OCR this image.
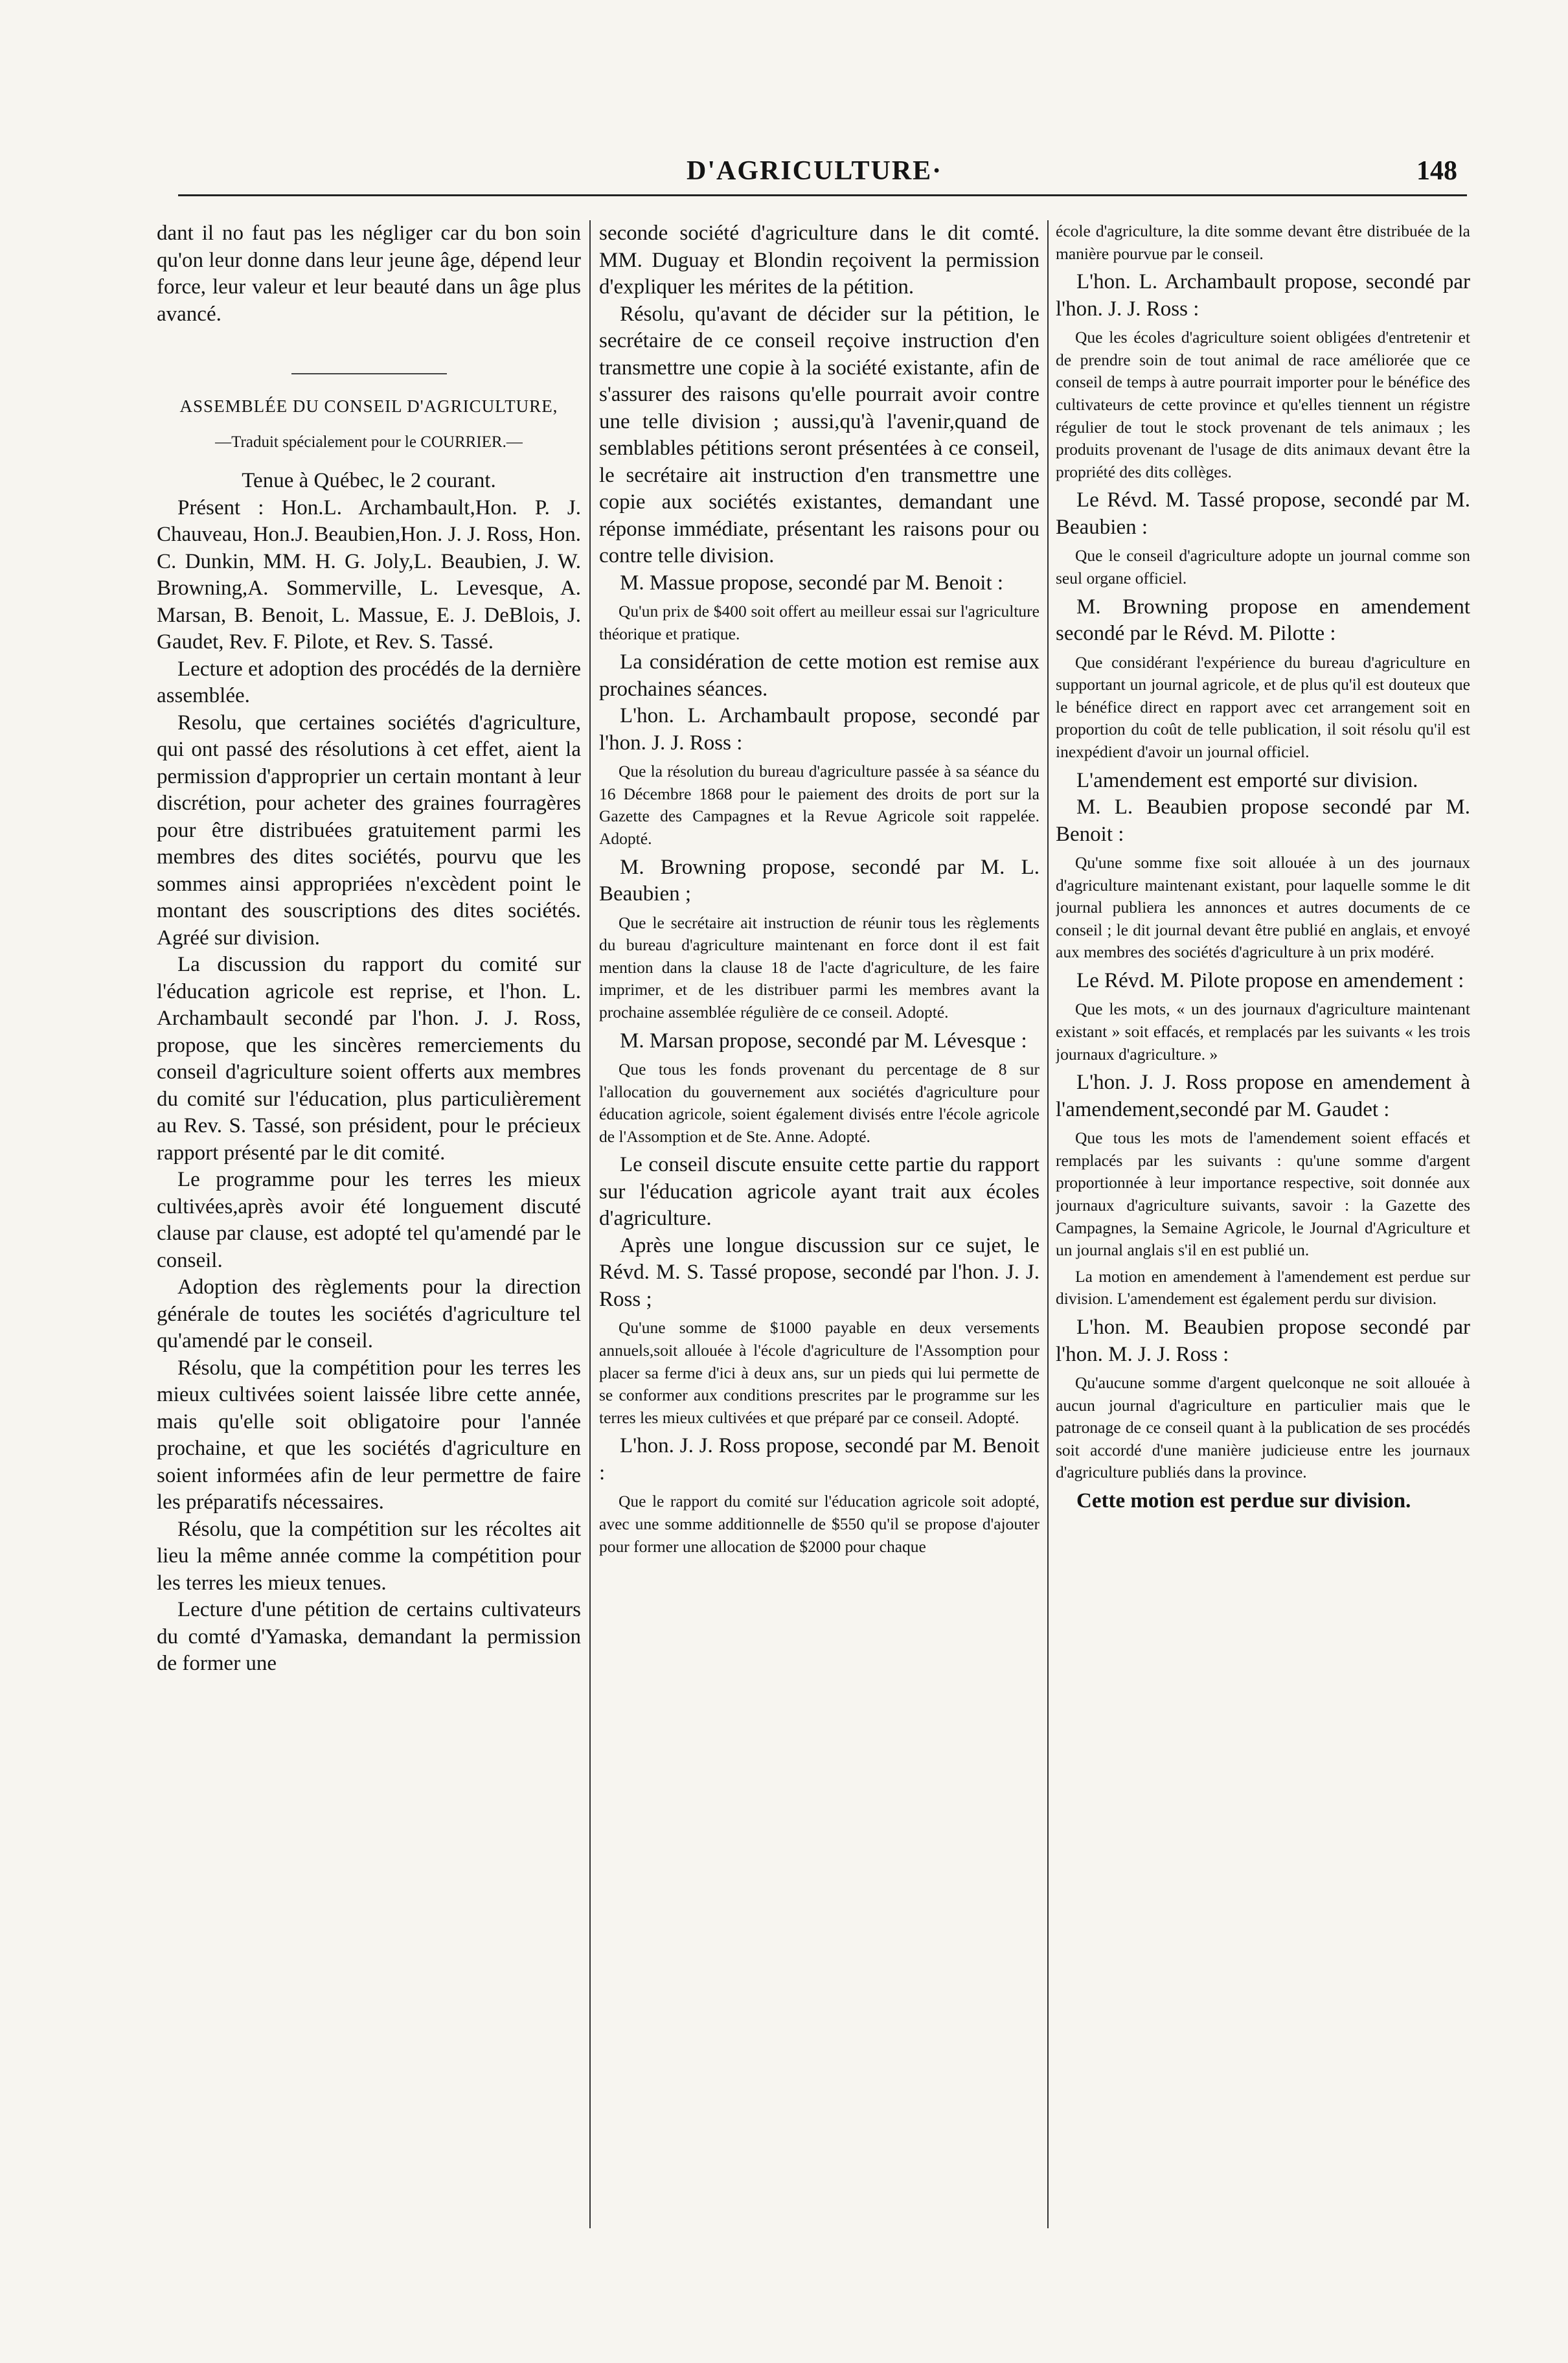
D'AGRICULTURE·	148

dant il no faut pas les négliger car du bon soin qu'on leur donne dans leur jeune âge, dépend leur force, leur valeur et leur beauté dans un âge plus avancé.

ASSEMBLÉE DU CONSEIL D'AGRICULTURE,

—Traduit spécialement pour le COURRIER.—

Tenue à Québec, le 2 courant.

Présent : Hon.L. Archambault,Hon. P. J. Chauveau, Hon.J. Beaubien,Hon. J. J. Ross, Hon. C. Dunkin, MM. H. G. Joly,L. Beaubien, J. W. Browning,A. Sommerville, L. Levesque, A. Marsan, B. Benoit, L. Massue, E. J. DeBlois, J. Gaudet, Rev. F. Pilote, et Rev. S. Tassé.

Lecture et adoption des procédés de la dernière assemblée.

Resolu, que certaines sociétés d'agriculture, qui ont passé des résolutions à cet effet, aient la permission d'approprier un certain montant à leur discrétion, pour acheter des graines fourragères pour être distribuées gratuitement parmi les membres des dites sociétés, pourvu que les sommes ainsi appropriées n'excèdent point le montant des souscriptions des dites sociétés. Agréé sur division.

La discussion du rapport du comité sur l'éducation agricole est reprise, et l'hon. L. Archambault secondé par l'hon. J. J. Ross, propose, que les sincères remerciements du conseil d'agriculture soient offerts aux membres du comité sur l'éducation, plus particulièrement au Rev. S. Tassé, son président, pour le précieux rapport présenté par le dit comité.

Le programme pour les terres les mieux cultivées,après avoir été longuement discuté clause par clause, est adopté tel qu'amendé par le conseil.

Adoption des règlements pour la direction générale de toutes les sociétés d'agriculture tel qu'amendé par le conseil.

Résolu, que la compétition pour les terres les mieux cultivées soient laissée libre cette année, mais qu'elle soit obligatoire pour l'année prochaine, et que les sociétés d'agriculture en soient informées afin de leur permettre de faire les préparatifs nécessaires.

Résolu, que la compétition sur les récoltes ait lieu la même année comme la compétition pour les terres les mieux tenues.

Lecture d'une pétition de certains cultivateurs du comté d'Yamaska, demandant la permission de former une

seconde société d'agriculture dans le dit comté. MM. Duguay et Blondin reçoivent la permission d'expliquer les mérites de la pétition.

Résolu, qu'avant de décider sur la pétition, le secrétaire de ce conseil reçoive instruction d'en transmettre une copie à la société existante, afin de s'assurer des raisons qu'elle pourrait avoir contre une telle division ; aussi,qu'à l'avenir,quand de semblables pétitions seront présentées à ce conseil, le secrétaire ait instruction d'en transmettre une copie aux sociétés existantes, demandant une réponse immédiate, présentant les raisons pour ou contre telle division.

M. Massue propose, secondé par M. Benoit :

Qu'un prix de $400 soit offert au meilleur essai sur l'agriculture théorique et pratique.

La considération de cette motion est remise aux prochaines séances.

L'hon. L. Archambault propose, secondé par l'hon. J. J. Ross :

Que la résolution du bureau d'agriculture passée à sa séance du 16 Décembre 1868 pour le paiement des droits de port sur la Gazette des Campagnes et la Revue Agricole soit rappelée. Adopté.

M. Browning propose, secondé par M. L. Beaubien ;

Que le secrétaire ait instruction de réunir tous les règlements du bureau d'agriculture maintenant en force dont il est fait mention dans la clause 18 de l'acte d'agriculture, de les faire imprimer, et de les distribuer parmi les membres avant la prochaine assemblée régulière de ce conseil. Adopté.

M. Marsan propose, secondé par M. Lévesque :

Que tous les fonds provenant du percentage de 8 sur l'allocation du gouvernement aux sociétés d'agriculture pour éducation agricole, soient également divisés entre l'école agricole de l'Assomption et de Ste. Anne. Adopté.

Le conseil discute ensuite cette partie du rapport sur l'éducation agricole ayant trait aux écoles d'agriculture.

Après une longue discussion sur ce sujet, le Révd. M. S. Tassé propose, secondé par l'hon. J. J. Ross ;

Qu'une somme de $1000 payable en deux versements annuels,soit allouée à l'école d'agriculture de l'Assomption pour placer sa ferme d'ici à deux ans, sur un pieds qui lui permette de se conformer aux conditions prescrites par le programme sur les terres les mieux cultivées et que préparé par ce conseil. Adopté.

L'hon. J. J. Ross propose, secondé par M. Benoit :

Que le rapport du comité sur l'éducation agricole soit adopté, avec une somme additionnelle de $550 qu'il se propose d'ajouter pour former une allocation de $2000 pour chaque

école d'agriculture, la dite somme devant être distribuée de la manière pourvue par le conseil.

L'hon. L. Archambault propose, secondé par l'hon. J. J. Ross :

Que les écoles d'agriculture soient obligées d'entretenir et de prendre soin de tout animal de race améliorée que ce conseil de temps à autre pourrait importer pour le bénéfice des cultivateurs de cette province et qu'elles tiennent un régistre régulier de tout le stock provenant de tels animaux ; les produits provenant de l'usage de dits animaux devant être la propriété des dits collèges.

Le Révd. M. Tassé propose, secondé par M. Beaubien :

Que le conseil d'agriculture adopte un journal comme son seul organe officiel.

M. Browning propose en amendement secondé par le Révd. M. Pilotte :

Que considérant l'expérience du bureau d'agriculture en supportant un journal agricole, et de plus qu'il est douteux que le bénéfice direct en rapport avec cet arrangement soit en proportion du coût de telle publication, il soit résolu qu'il est inexpédient d'avoir un journal officiel.

L'amendement est emporté sur division.

M. L. Beaubien propose secondé par M. Benoit :

Qu'une somme fixe soit allouée à un des journaux d'agriculture maintenant existant, pour laquelle somme le dit journal publiera les annonces et autres documents de ce conseil ; le dit journal devant être publié en anglais, et envoyé aux membres des sociétés d'agriculture à un prix modéré.

Le Révd. M. Pilote propose en amendement :

Que les mots, « un des journaux d'agriculture maintenant existant » soit effacés, et remplacés par les suivants « les trois journaux d'agriculture. »

L'hon. J. J. Ross propose en amendement à l'amendement,secondé par M. Gaudet :

Que tous les mots de l'amendement soient effacés et remplacés par les suivants : qu'une somme d'argent proportionnée à leur importance respective, soit donnée aux journaux d'agriculture suivants, savoir : la Gazette des Campagnes, la Semaine Agricole, le Journal d'Agriculture et un journal anglais s'il en est publié un.

La motion en amendement à l'amendement est perdue sur division. L'amendement est également perdu sur division.

L'hon. M. Beaubien propose secondé par l'hon. M. J. J. Ross :

Qu'aucune somme d'argent quelconque ne soit allouée à aucun journal d'agriculture en particulier mais que le patronage de ce conseil quant à la publication de ses procédés soit accordé d'une manière judicieuse entre les journaux d'agriculture publiés dans la province.

Cette motion est perdue sur division.
